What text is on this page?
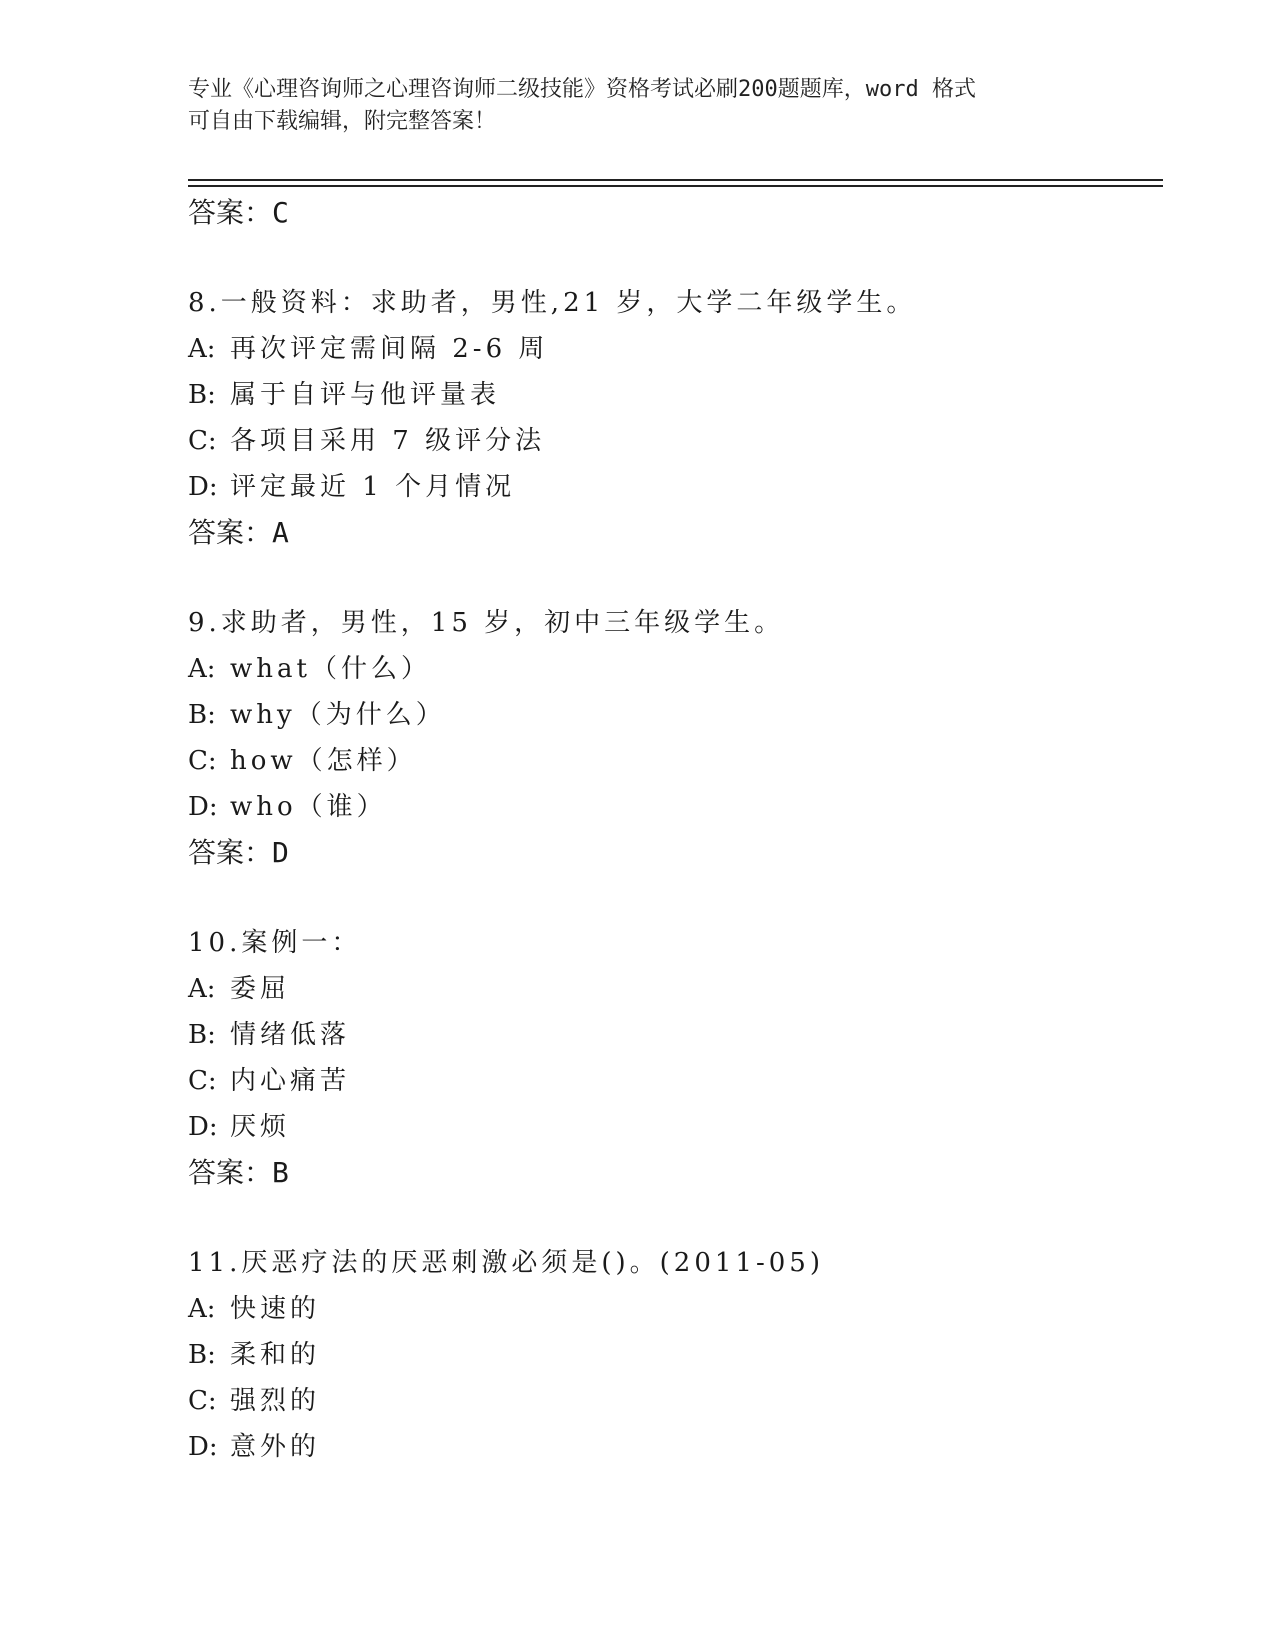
专业《心理咨询师之心理咨询师二级技能》资格考试必刷200题题库，word 格式
可自由下载编辑，附完整答案！
答案：C
8.一般资料：求助者，男性,21 岁，大学二年级学生。
A: 再次评定需间隔 2-6 周
B: 属于自评与他评量表
C: 各项目采用 7 级评分法
D: 评定最近 1 个月情况
答案：A
9.求助者，男性，15 岁，初中三年级学生。
A: what（什么）
B: why（为什么）
C: how（怎样）
D: who（谁）
答案：D
10.案例一：
A: 委屈
B: 情绪低落
C: 内心痛苦
D: 厌烦
答案：B
11.厌恶疗法的厌恶刺激必须是()。(2011-05)
A: 快速的
B: 柔和的
C: 强烈的
D: 意外的
